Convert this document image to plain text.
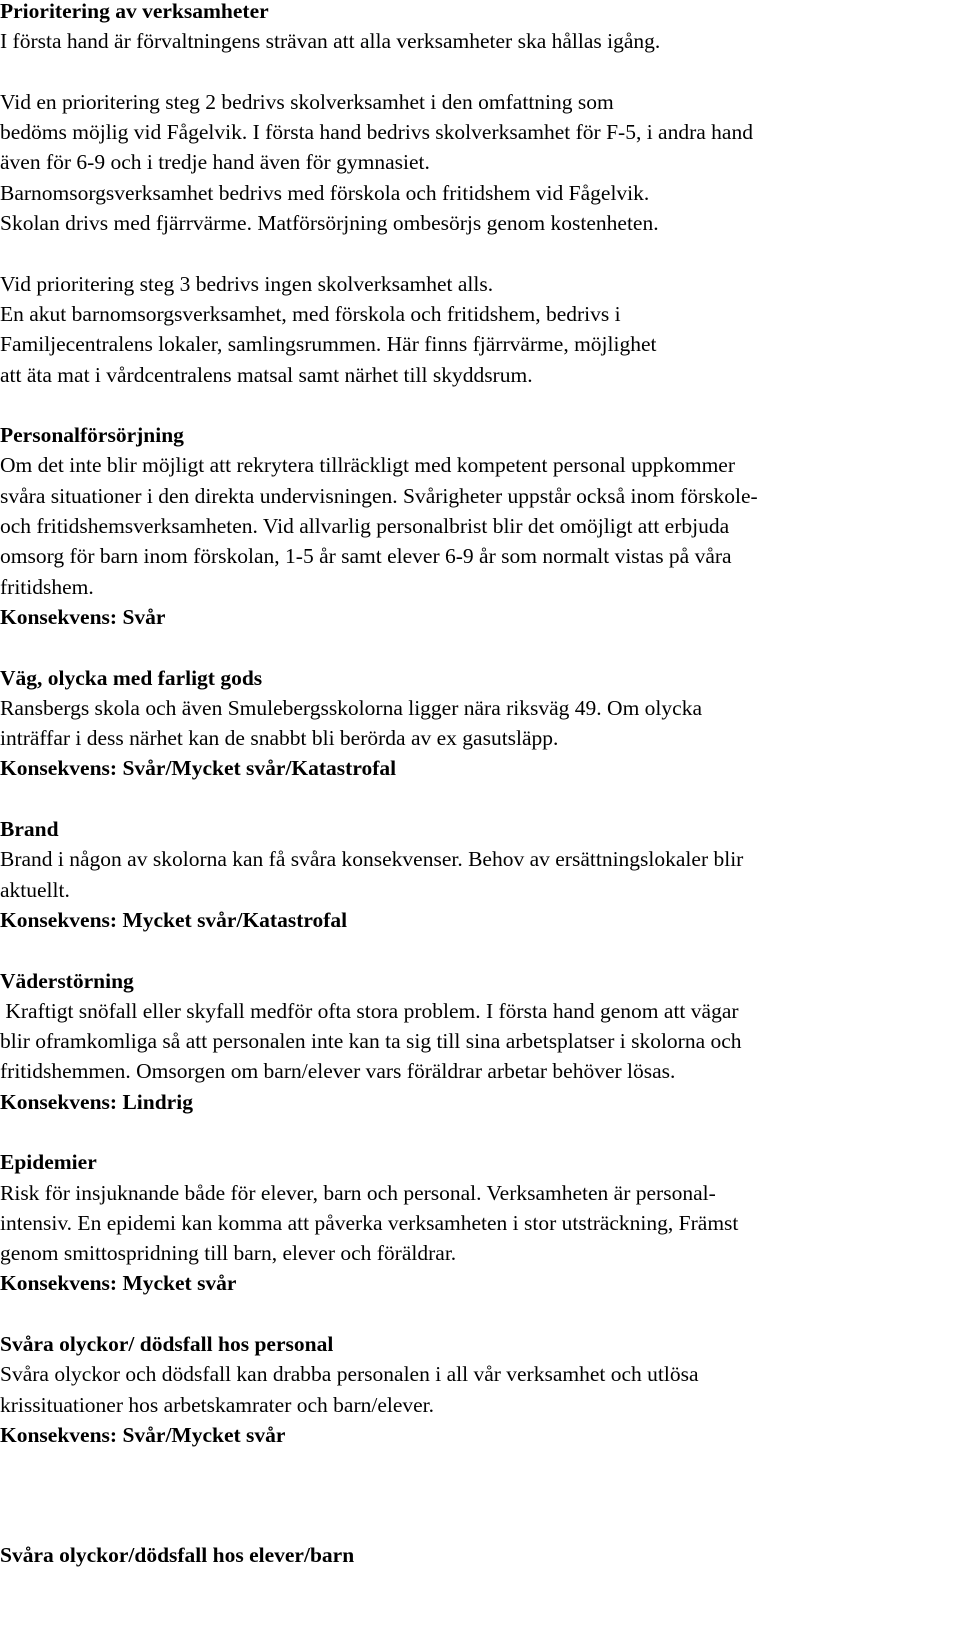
Prioritering av verksamheter
I första hand är förvaltningens strävan att alla verksamheter ska hållas igång.
Vid en prioritering steg 2 bedrivs skolverksamhet i den omfattning som
bedöms möjlig vid Fågelvik. I första hand bedrivs skolverksamhet för F-5, i andra hand
även för 6-9 och i tredje hand även för gymnasiet.
Barnomsorgsverksamhet bedrivs med förskola och fritidshem vid Fågelvik.
Skolan drivs med fjärrvärme. Matförsörjning ombesörjs genom kostenheten.
Vid prioritering steg 3 bedrivs ingen skolverksamhet alls.
En akut barnomsorgsverksamhet, med förskola och fritidshem, bedrivs i
Familjecentralens lokaler, samlingsrummen. Här finns fjärrvärme, möjlighet
att äta mat i vårdcentralens matsal samt närhet till skyddsrum.
Personalförsörjning
Om det inte blir möjligt att rekrytera tillräckligt med kompetent personal uppkommer
svåra situationer i den direkta undervisningen. Svårigheter uppstår också inom förskole-
och fritidshemsverksamheten. Vid allvarlig personalbrist blir det omöjligt att erbjuda
omsorg för barn inom förskolan, 1-5 år samt elever 6-9 år som normalt vistas på våra
fritidshem.
Konsekvens: Svår
Väg, olycka med farligt gods
Ransbergs skola och även Smulebergsskolorna ligger nära riksväg 49. Om olycka
inträffar i dess närhet kan de snabbt bli berörda av ex gasutsläpp.
Konsekvens: Svår/Mycket svår/Katastrofal
Brand
Brand i någon av skolorna kan få svåra konsekvenser. Behov av ersättningslokaler blir
aktuellt.
Konsekvens: Mycket svår/Katastrofal
Väderstörning
Kraftigt snöfall eller skyfall medför ofta stora problem. I första hand genom att vägar
blir oframkomliga så att personalen inte kan ta sig till sina arbetsplatser i skolorna och
fritidshemmen. Omsorgen om barn/elever vars föräldrar arbetar behöver lösas.
Konsekvens: Lindrig
Epidemier
Risk för insjuknande både för elever, barn och personal. Verksamheten är personal-
intensiv. En epidemi kan komma att påverka verksamheten i stor utsträckning, Främst
genom smittospridning till barn, elever och föräldrar.
Konsekvens: Mycket svår
Svåra olyckor/ dödsfall hos personal
Svåra olyckor och dödsfall kan drabba personalen i all vår verksamhet och utlösa
krissituationer hos arbetskamrater och barn/elever.
Konsekvens: Svår/Mycket svår
Svåra olyckor/dödsfall hos elever/barn
